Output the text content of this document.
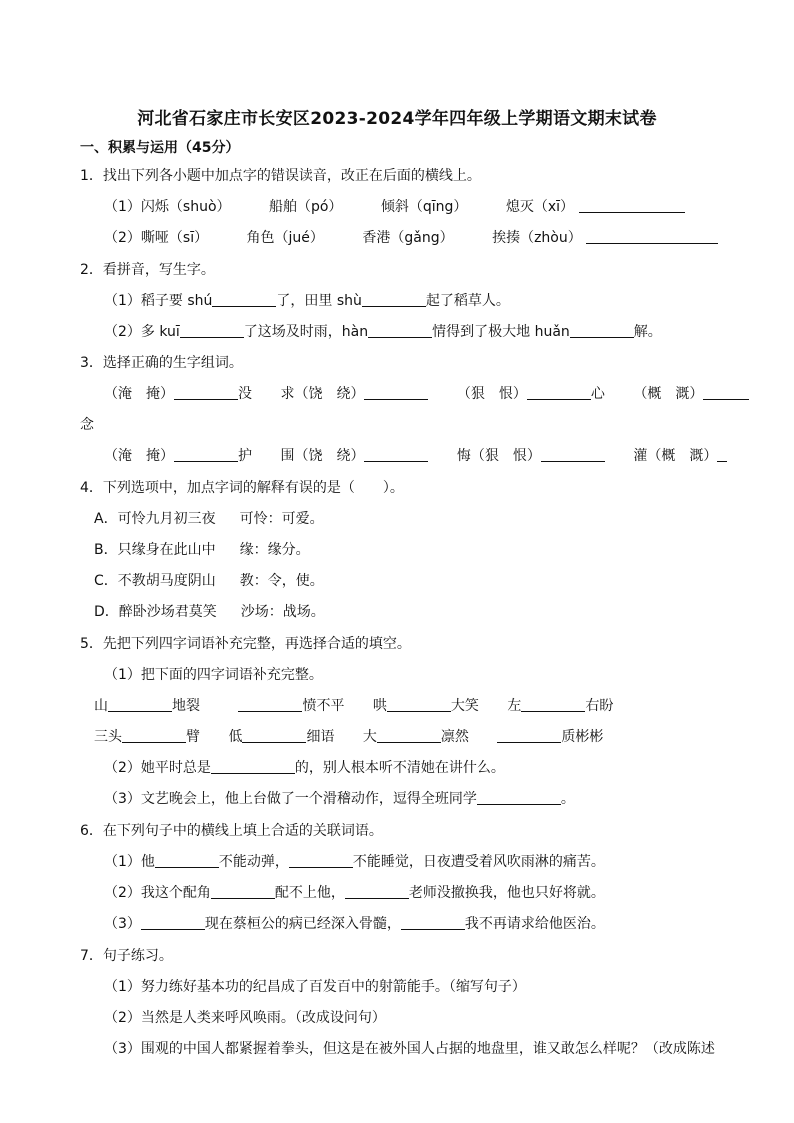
河北省石家庄市长安区2023-2024学年四年级上学期语文期末试卷
一、积累与运用（45分）
1．找出下列各小题中加点字的错误读音，改正在后面的横线上。
（1）闪烁（shuò）	船舶（pó）	倾斜（qīng）	熄灭（xī）
（2）嘶哑（sī）	角色（jué）	香港（gǎng）	挨揍（zhòu）
2．看拼音，写生字。
（1）稻子要 shú	了，田里 shù	起了稻草人。
（2）多 kuī	了这场及时雨，hàn	情得到了极大地 huǎn	解。
3．选择正确的生字组词。
（淹　掩）	没 求（饶　绕）	（狠　恨）	心 （概　溉）
念
（淹　掩）	护 围（饶　绕）	悔（狠　恨）	灌（概　溉）
4．下列选项中，加点字词的解释有误的是（　　）。
A．可怜九月初三夜 可怜：可爱。
B．只缘身在此山中 缘：缘分。
C．不教胡马度阴山 教：令，使。
D．醉卧沙场君莫笑 沙场：战场。
5．先把下列四字词语补充完整，再选择合适的填空。
（1）把下面的四字词语补充完整。
山	地裂	愤不平 哄	大笑 左	右盼
三头	臂 低	细语 大	凛然	质彬彬
（2）她平时总是	的，别人根本听不清她在讲什么。
（3）文艺晚会上，他上台做了一个滑稽动作，逗得全班同学	。
6．在下列句子中的横线上填上合适的关联词语。
（1）他	不能动弹，	不能睡觉，日夜遭受着风吹雨淋的痛苦。
（2）我这个配角	配不上他，	老师没撤换我，他也只好将就。
（3）	现在蔡桓公的病已经深入骨髓，	我不再请求给他医治。
7．句子练习。
（1）努力练好基本功的纪昌成了百发百中的射箭能手。（缩写句子）
（2）当然是人类来呼风唤雨。（改成设问句）
（3）围观的中国人都紧握着拳头，但这是在被外国人占据的地盘里，谁又敢怎么样呢？（改成陈述
